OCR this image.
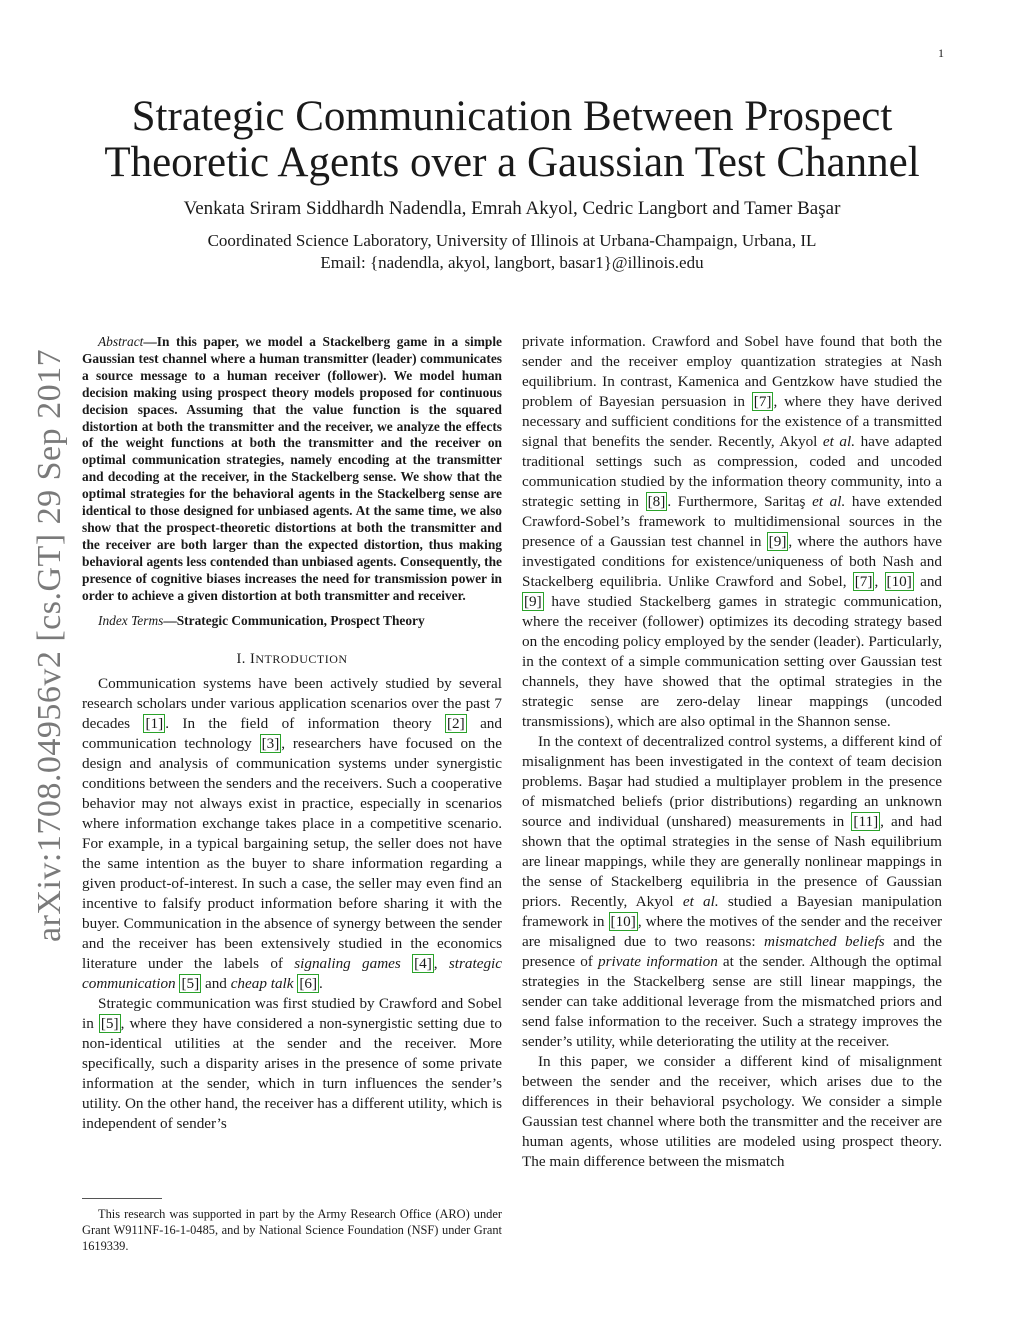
1
arXiv:1708.04956v2 [cs.GT] 29 Sep 2017
Strategic Communication Between Prospect
Theoretic Agents over a Gaussian Test Channel
Venkata Sriram Siddhardh Nadendla, Emrah Akyol, Cedric Langbort and Tamer Başar
Coordinated Science Laboratory, University of Illinois at Urbana-Champaign, Urbana, IL
Email: {nadendla, akyol, langbort, basar1}@illinois.edu

Abstract—In this paper, we model a Stackelberg game in a simple Gaussian test channel where a human transmitter (leader) communicates a source message to a human receiver (follower). We model human decision making using prospect theory models proposed for continuous decision spaces. Assuming that the value function is the squared distortion at both the transmitter and the receiver, we analyze the effects of the weight functions at both the transmitter and the receiver on optimal communication strategies, namely encoding at the transmitter and decoding at the receiver, in the Stackelberg sense. We show that the optimal strategies for the behavioral agents in the Stackelberg sense are identical to those designed for unbiased agents. At the same time, we also show that the prospect-theoretic distortions at both the transmitter and the receiver are both larger than the expected distortion, thus making behavioral agents less contended than unbiased agents. Consequently, the presence of cognitive biases increases the need for transmission power in order to achieve a given distortion at both transmitter and receiver.

Index Terms—Strategic Communication, Prospect Theory

I. INTRODUCTION

Communication systems have been actively studied by several research scholars under various application scenarios over the past 7 decades [1] . In the field of information theory [2] and communication technology [3] , researchers have focused on the design and analysis of communication systems under synergistic conditions between the senders and the receivers. Such a cooperative behavior may not always exist in practice, especially in scenarios where information exchange takes place in a competitive scenario. For example, in a typical bargaining setup, the seller does not have the same intention as the buyer to share information regarding a given product-of-interest. In such a case, the seller may even find an incentive to falsify product information before sharing it with the buyer. Communication in the absence of synergy between the sender and the receiver has been extensively studied in the economics literature under the labels of signaling games [4] , strategic communication [5] and cheap talk [6] .

Strategic communication was first studied by Crawford and Sobel in [5] , where they have considered a non-synergistic setting due to non-identical utilities at the sender and the receiver. More specifically, such a disparity arises in the presence of some private information at the sender, which in turn influences the sender’s utility. On the other hand, the receiver has a different utility, which is independent of sender’s

This research was supported in part by the Army Research Office (ARO) under Grant W911NF-16-1-0485, and by National Science Foundation (NSF) under Grant 1619339.

private information. Crawford and Sobel have found that both the sender and the receiver employ quantization strategies at Nash equilibrium. In contrast, Kamenica and Gentzkow have studied the problem of Bayesian persuasion in [7] , where they have derived necessary and sufficient conditions for the existence of a transmitted signal that benefits the sender. Recently, Akyol et al. have adapted traditional settings such as compression, coded and uncoded communication studied by the information theory community, into a strategic setting in [8] . Furthermore, Saritaş et al. have extended Crawford-Sobel’s framework to multidimensional sources in the presence of a Gaussian test channel in [9] , where the authors have investigated conditions for existence/uniqueness of both Nash and Stackelberg equilibria. Unlike Crawford and Sobel, [7] , [10] and [9] have studied Stackelberg games in strategic communication, where the receiver (follower) optimizes its decoding strategy based on the encoding policy employed by the sender (leader). Particularly, in the context of a simple communication setting over Gaussian test channels, they have showed that the optimal strategies in the strategic sense are zero-delay linear mappings (uncoded transmissions), which are also optimal in the Shannon sense.

In the context of decentralized control systems, a different kind of misalignment has been investigated in the context of team decision problems. Başar had studied a multiplayer problem in the presence of mismatched beliefs (prior distributions) regarding an unknown source and individual (unshared) measurements in [11] , and had shown that the optimal strategies in the sense of Nash equilibrium are linear mappings, while they are generally nonlinear mappings in the sense of Stackelberg equilibria in the presence of Gaussian priors. Recently, Akyol et al. studied a Bayesian manipulation framework in [10] , where the motives of the sender and the receiver are misaligned due to two reasons: mismatched beliefs and the presence of private information at the sender. Although the optimal strategies in the Stackelberg sense are still linear mappings, the sender can take additional leverage from the mismatched priors and send false information to the receiver. Such a strategy improves the sender’s utility, while deteriorating the utility at the receiver.

In this paper, we consider a different kind of misalignment between the sender and the receiver, which arises due to the differences in their behavioral psychology. We consider a simple Gaussian test channel where both the transmitter and the receiver are human agents, whose utilities are modeled using prospect theory. The main difference between the mismatch
